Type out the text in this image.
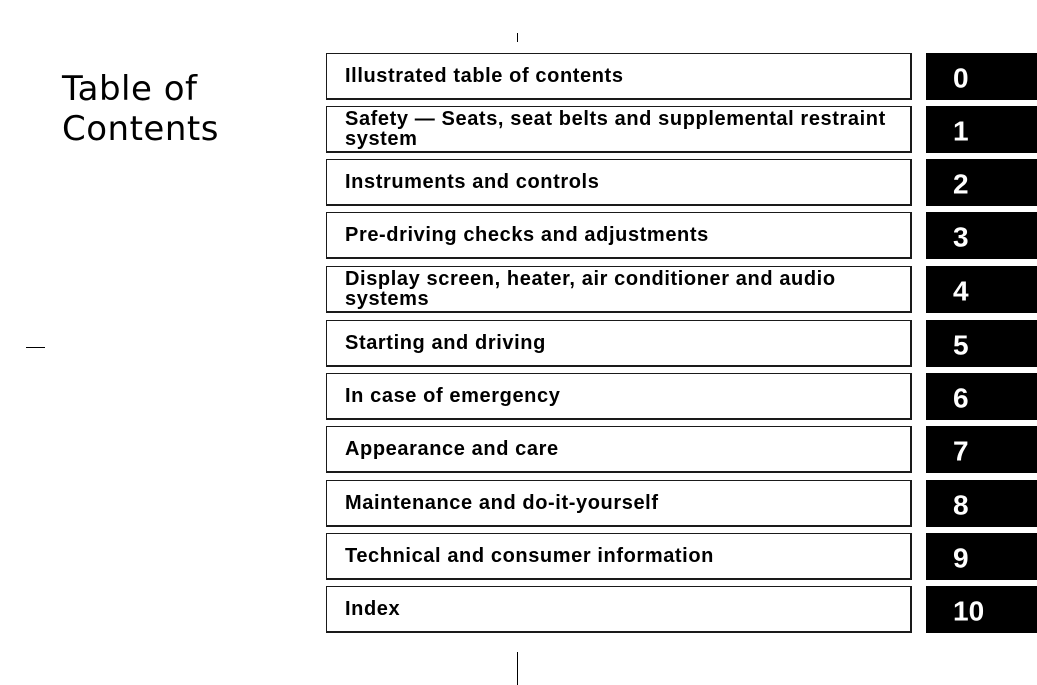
Table of
Contents
Illustrated table of contents	0
Safety — Seats, seat belts and supplemental restraint system	1
Instruments and controls	2
Pre-driving checks and adjustments	3
Display screen, heater, air conditioner and audio systems	4
Starting and driving	5
In case of emergency	6
Appearance and care	7
Maintenance and do-it-yourself	8
Technical and consumer information	9
Index	10
